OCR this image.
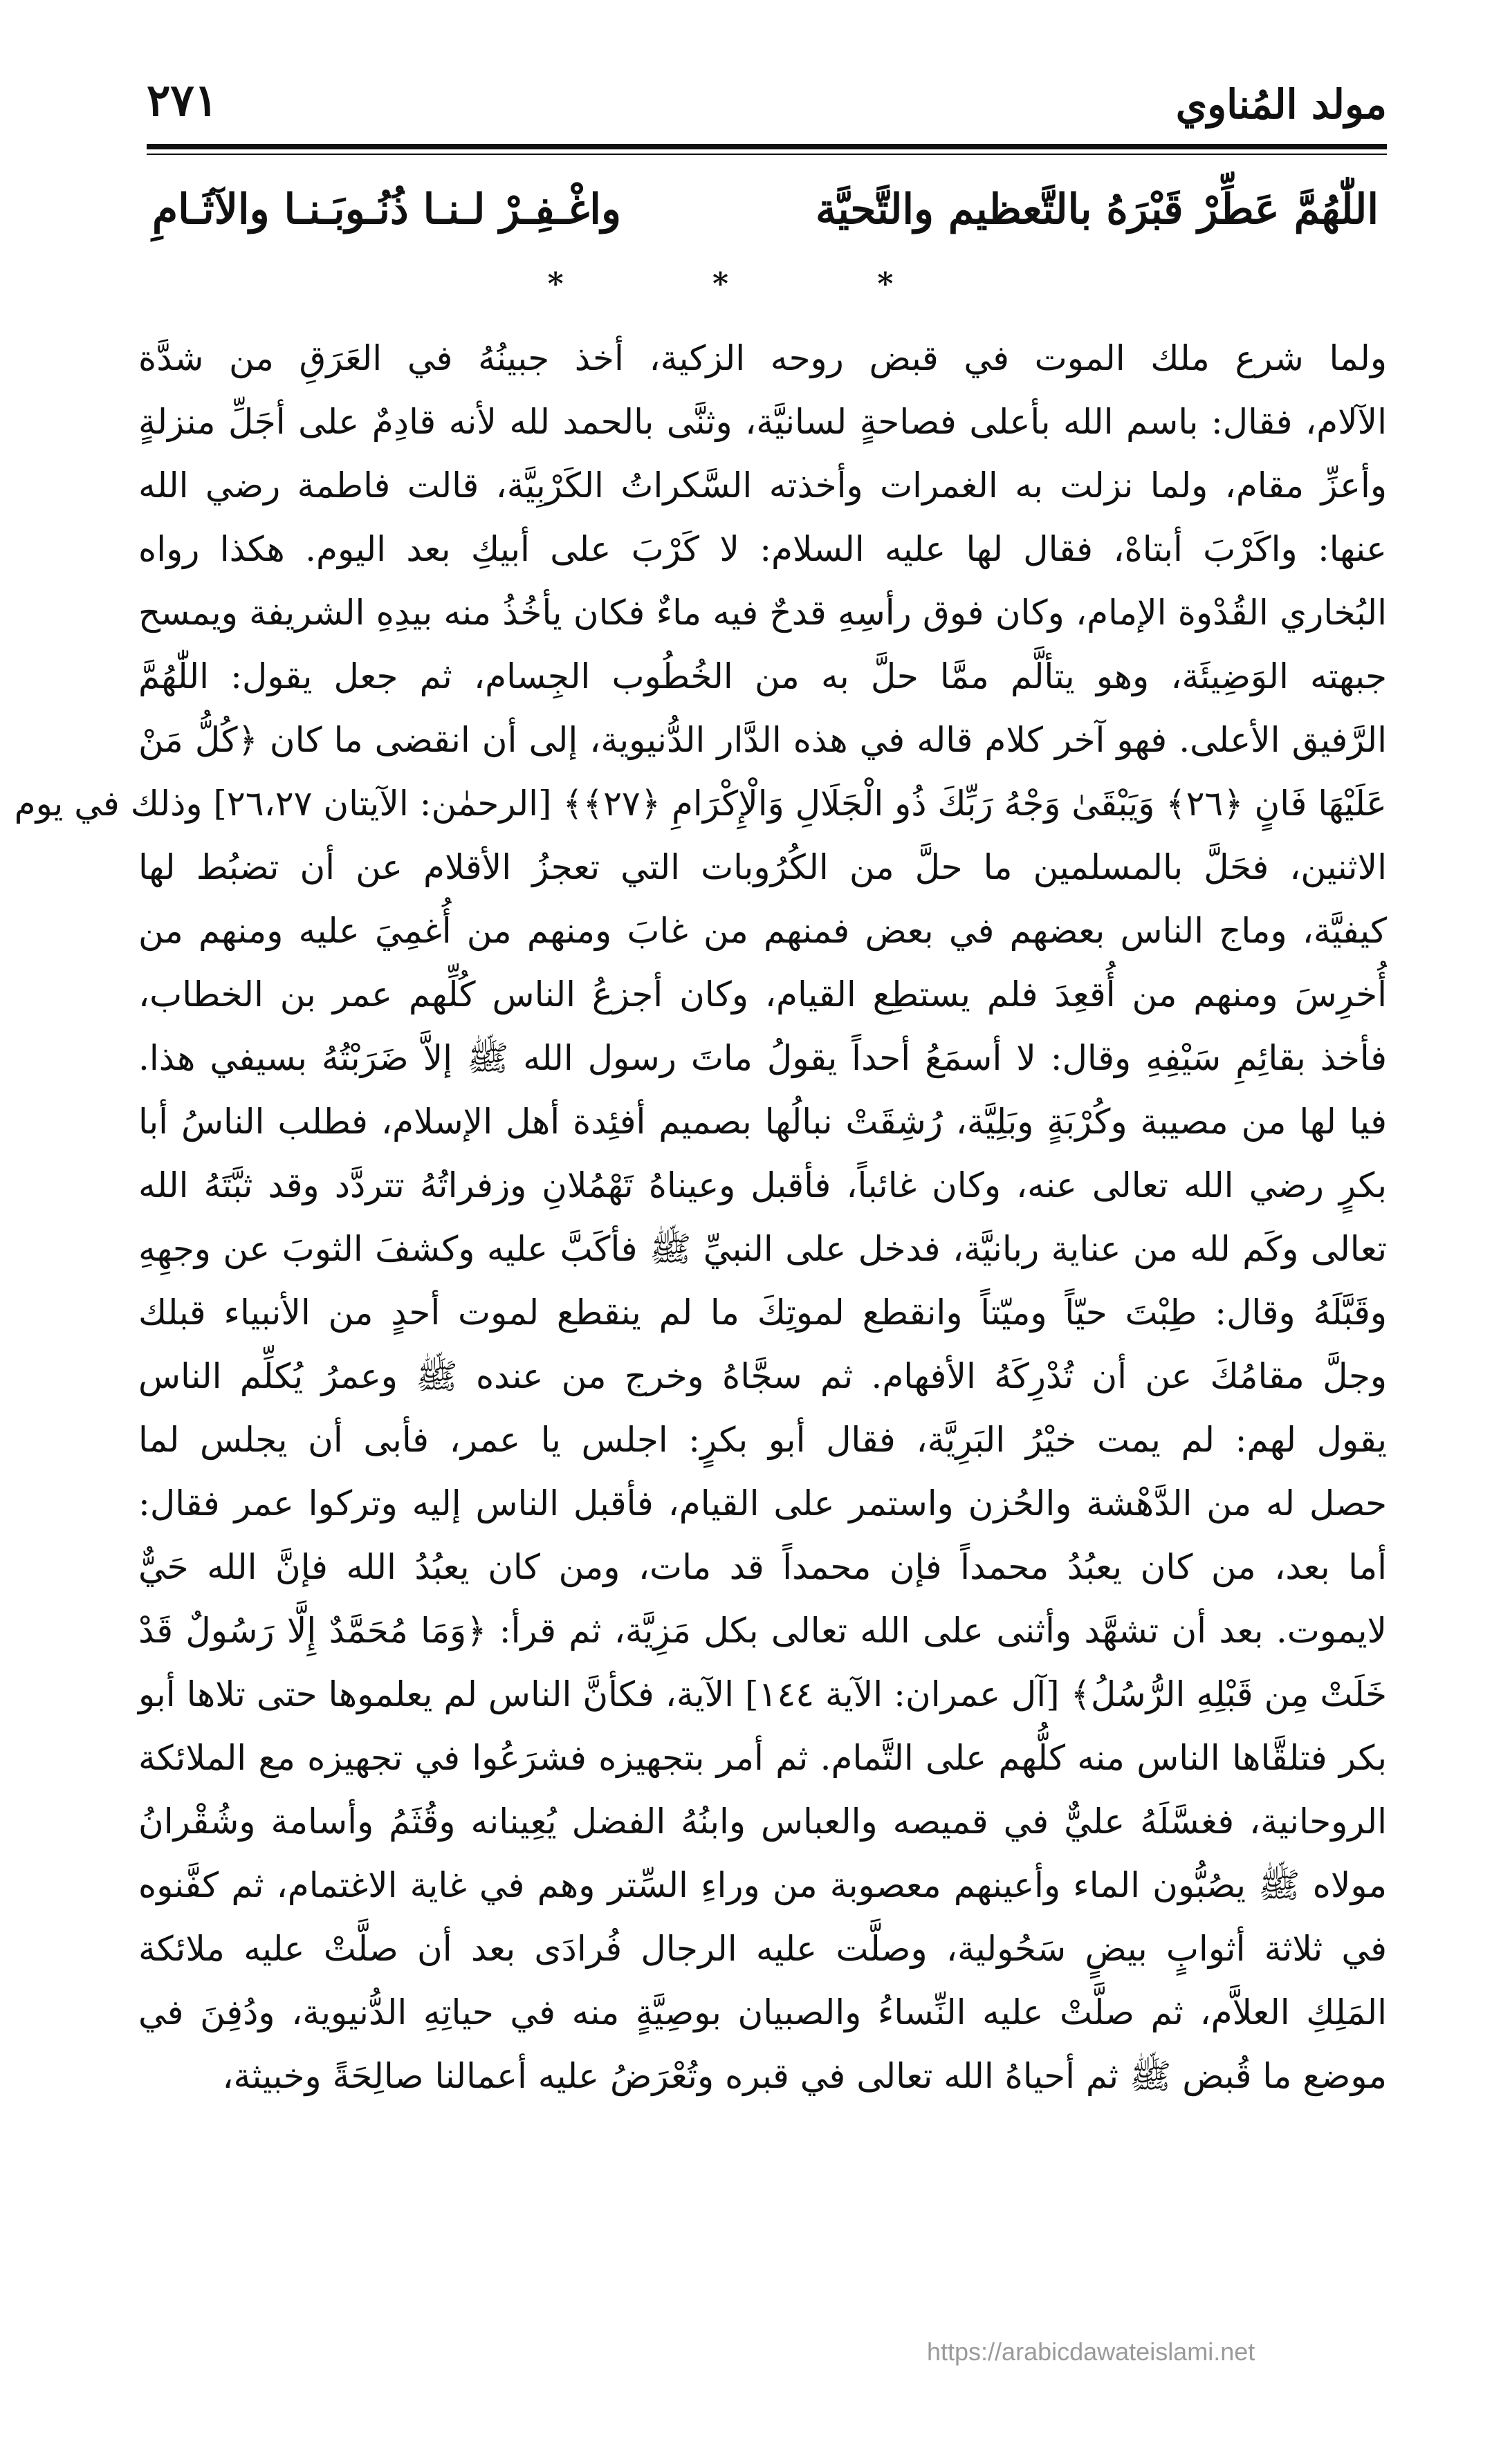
مولد المُناوي
٢٧١
اللّٰهُمَّ عَطِّرْ قَبْرَهُ بالتَّعظيم والتَّحيَّة
واغْـفِـرْ لـنـا ذُنُـوبَـنـا والآثَـامِ
* * *
ولما شرع ملك الموت في قبض روحه الزكية، أخذ جبينُهُ في العَرَقِ من شدَّة
الآلام، فقال: باسم الله بأعلى فصاحةٍ لسانيَّة، وثنَّى بالحمد لله لأنه قادِمٌ على أجَلِّ منزلةٍ
وأعزِّ مقام، ولما نزلت به الغمرات وأخذته السَّكراتُ الكَرْبِيَّة، قالت فاطمة رضي الله
عنها: واكَرْبَ أبتاهْ، فقال لها عليه السلام: لا كَرْبَ على أبيكِ بعد اليوم. هكذا رواه
البُخاري القُدْوة الإمام، وكان فوق رأسِهِ قدحٌ فيه ماءٌ فكان يأخُذُ منه بيدِهِ الشريفة ويمسح
جبهته الوَضِيئَة، وهو يتألَّم ممَّا حلَّ به من الخُطُوب الجِسام، ثم جعل يقول: اللّٰهُمَّ
الرَّفيق الأعلى. فهو آخر كلام قاله في هذه الدَّار الدُّنيوية، إلى أن انقضى ما كان ﴿كُلُّ مَنْ
عَلَيْهَا فَانٍ ﴿٢٦﴾ وَيَبْقَىٰ وَجْهُ رَبِّكَ ذُو الْجَلَالِ وَالْإِكْرَامِ ﴿٢٧﴾﴾ [الرحمٰن: الآيتان ٢٦،٢٧] وذلك في يوم
الاثنين، فحَلَّ بالمسلمين ما حلَّ من الكُرُوبات التي تعجزُ الأقلام عن أن تضبُط لها
كيفيَّة، وماج الناس بعضهم في بعض فمنهم من غابَ ومنهم من أُغمِيَ عليه ومنهم من
أُخرِسَ ومنهم من أُقعِدَ فلم يستطِع القيام، وكان أجزعُ الناس كُلِّهم عمر بن الخطاب،
فأخذ بقائِمِ سَيْفِهِ وقال: لا أسمَعُ أحداً يقولُ ماتَ رسول الله ﷺ إلاَّ ضَرَبْتُهُ بسيفي هذا.
فيا لها من مصيبة وكُرْبَةٍ وبَلِيَّة، رُشِقَتْ نبالُها بصميم أفئِدة أهل الإسلام، فطلب الناسُ أبا
بكرٍ رضي الله تعالى عنه، وكان غائباً، فأقبل وعيناهُ تَهْمُلانِ وزفراتُهُ تتردَّد وقد ثبَّتَهُ الله
تعالى وكَم لله من عناية ربانيَّة، فدخل على النبيِّ ﷺ فأكَبَّ عليه وكشفَ الثوبَ عن وجهِهِ
وقَبَّلَهُ وقال: طِبْتَ حيّاً وميّتاً وانقطع لموتِكَ ما لم ينقطع لموت أحدٍ من الأنبياء قبلك
وجلَّ مقامُكَ عن أن تُدْرِكَهُ الأفهام. ثم سجَّاهُ وخرج من عنده ﷺ وعمرُ يُكلِّم الناس
يقول لهم: لم يمت خيْرُ البَرِيَّة، فقال أبو بكرٍ: اجلس يا عمر، فأبى أن يجلس لما
حصل له من الدَّهْشة والحُزن واستمر على القيام، فأقبل الناس إليه وتركوا عمر فقال:
أما بعد، من كان يعبُدُ محمداً فإن محمداً قد مات، ومن كان يعبُدُ الله فإنَّ الله حَيٌّ
لايموت. بعد أن تشهَّد وأثنى على الله تعالى بكل مَزِيَّة، ثم قرأ: ﴿وَمَا مُحَمَّدٌ إِلَّا رَسُولٌ قَدْ
خَلَتْ مِن قَبْلِهِ الرُّسُلُ﴾ [آل عمران: الآية ١٤٤] الآية، فكأنَّ الناس لم يعلموها حتى تلاها أبو
بكر فتلقَّاها الناس منه كلُّهم على التَّمام. ثم أمر بتجهيزه فشرَعُوا في تجهيزه مع الملائكة
الروحانية، فغسَّلَهُ عليٌّ في قميصه والعباس وابنُهُ الفضل يُعِينانه وقُثَمُ وأسامة وشُقْرانُ
مولاه ﷺ يصُبُّون الماء وأعينهم معصوبة من وراءِ السِّتر وهم في غاية الاغتمام، ثم كفَّنوه
في ثلاثة أثوابٍ بيضٍ سَحُولية، وصلَّت عليه الرجال فُرادَى بعد أن صلَّتْ عليه ملائكة
المَلِكِ العلاَّم، ثم صلَّتْ عليه النِّساءُ والصبيان بوصِيَّةٍ منه في حياتِهِ الدُّنيوية، ودُفِنَ في
موضع ما قُبض ﷺ ثم أحياهُ الله تعالى في قبره وتُعْرَضُ عليه أعمالنا صالِحَةً وخبيثة،
https://arabicdawateislami.net
